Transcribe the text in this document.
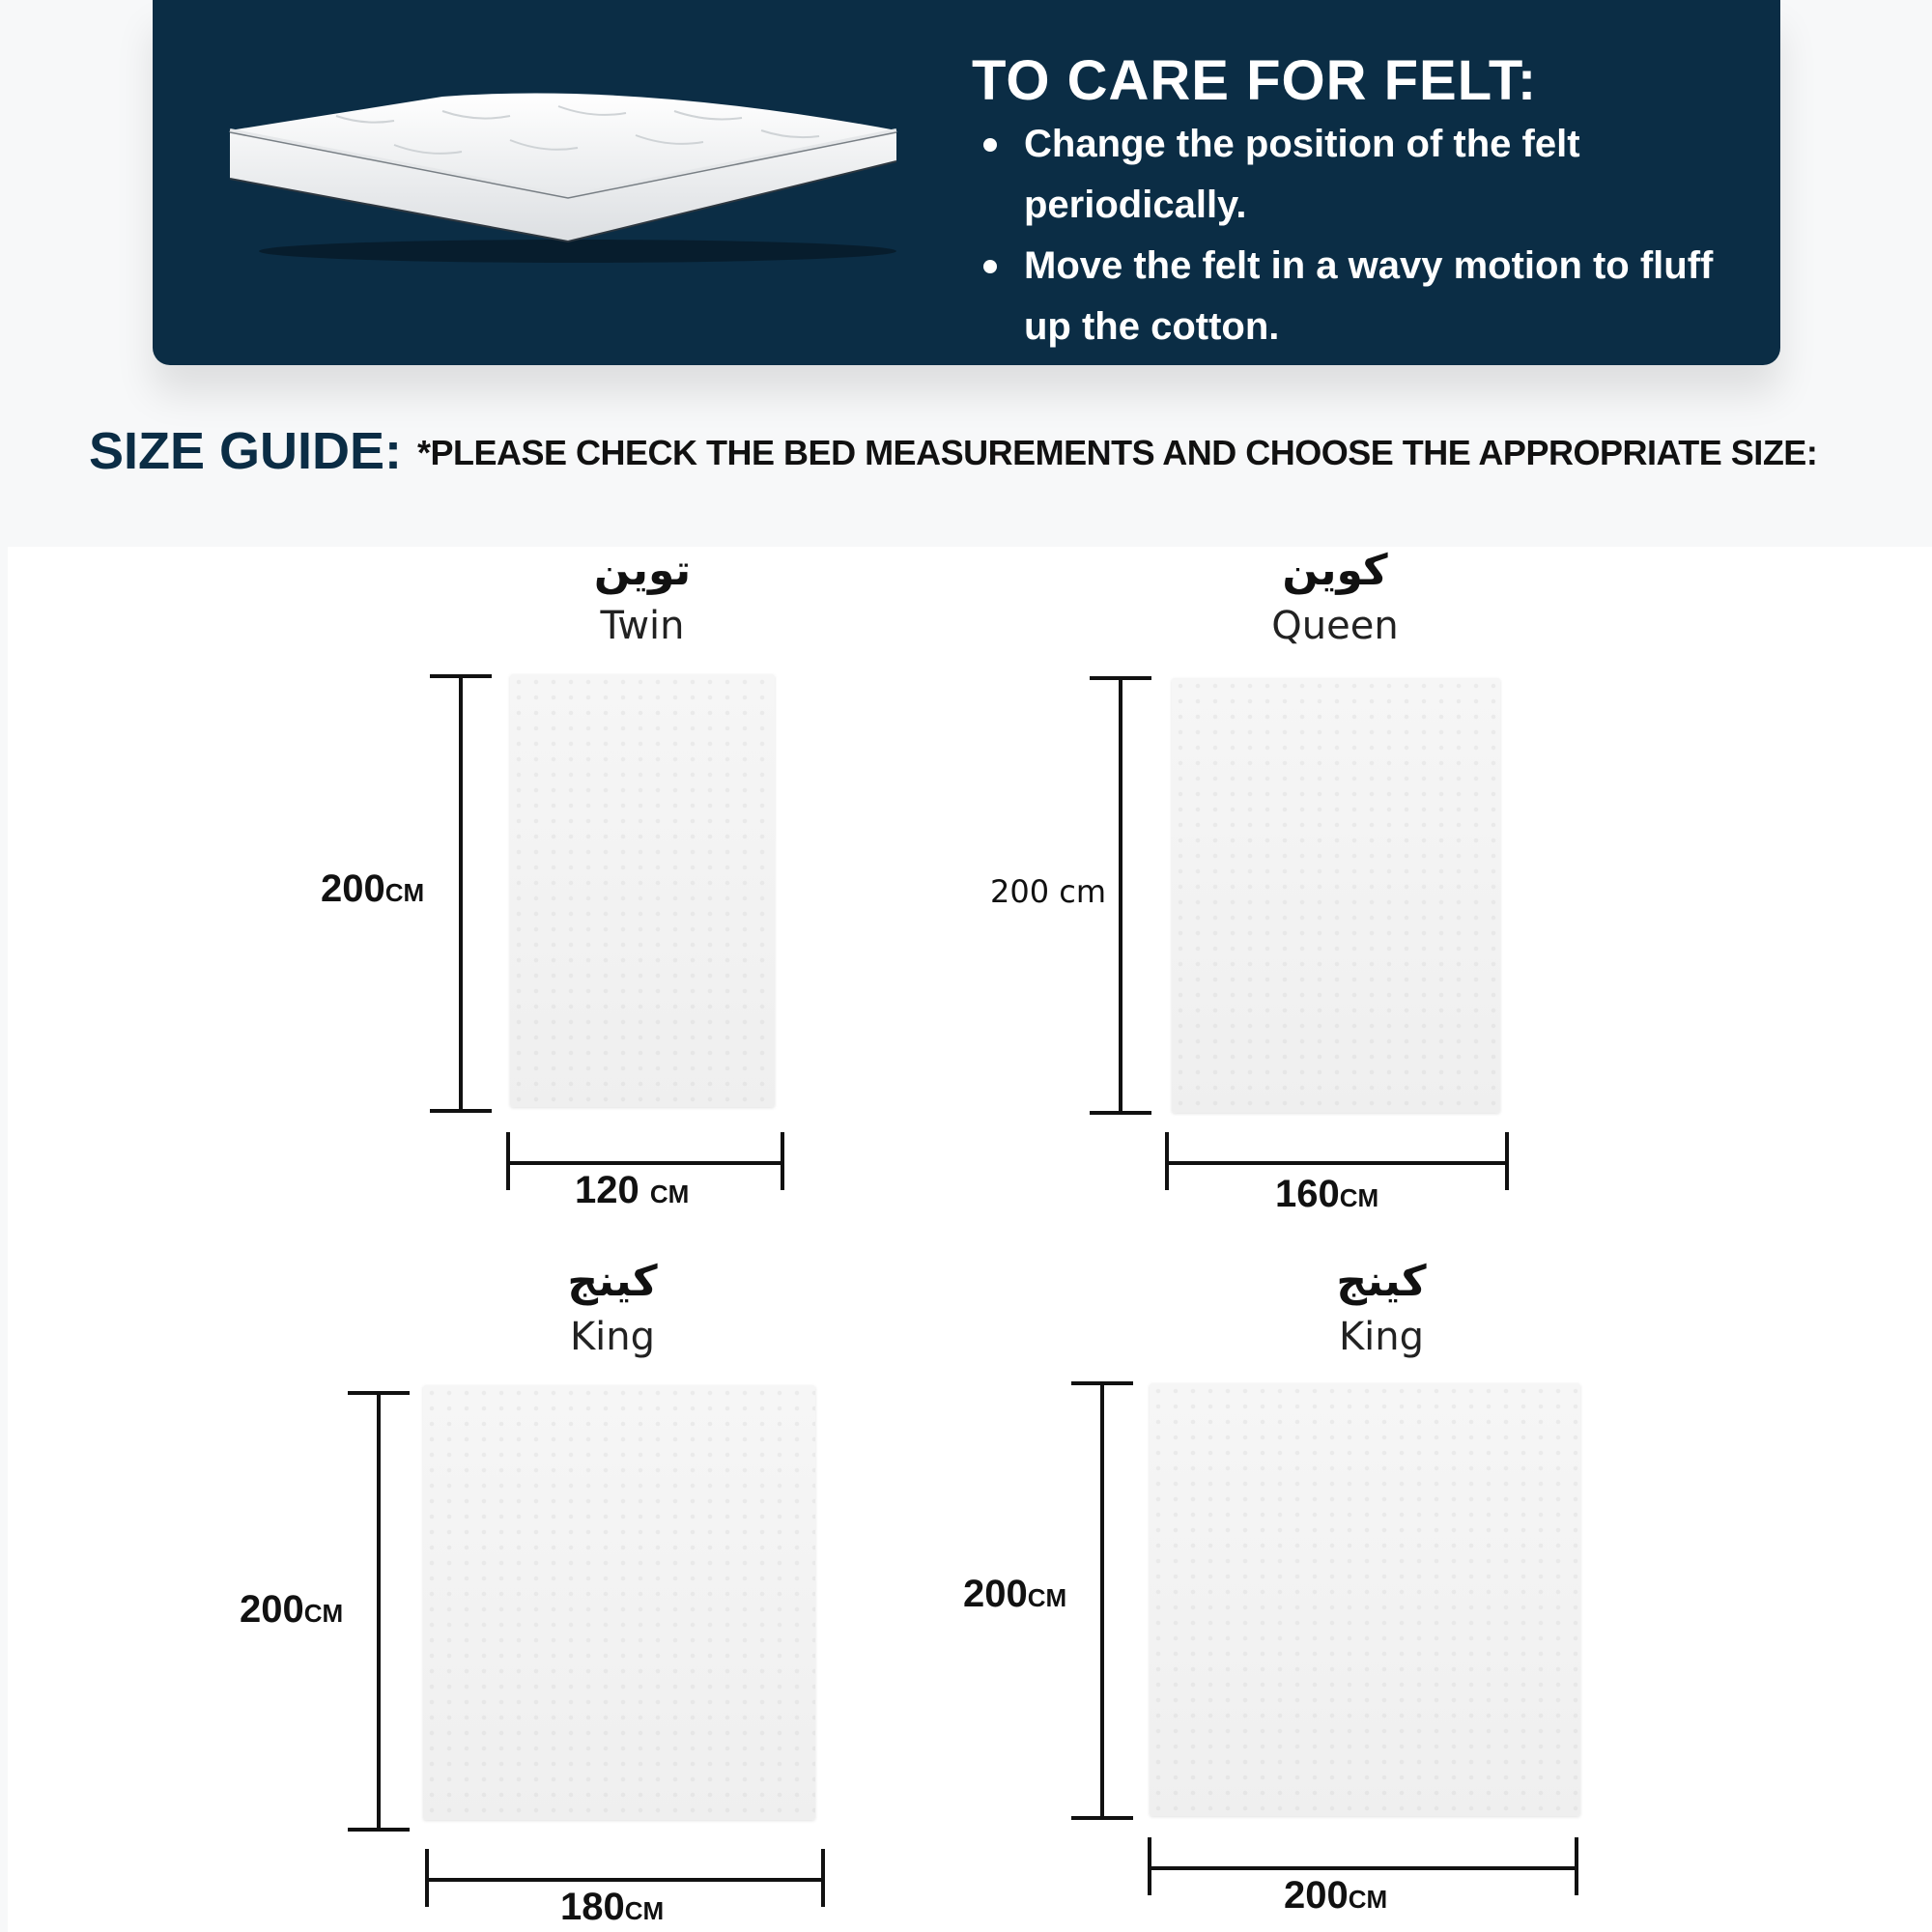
TO CARE FOR FELT:
Change the position of the felt periodically.
Move the felt in a wavy motion to fluff up the cotton.
SIZE GUIDE: *PLEASE CHECK THE BED MEASUREMENTS AND CHOOSE THE APPROPRIATE SIZE:

توين
Twin
200CM
120 CM
كوين
Queen
200 cm
160CM
كينج
King
200CM
180CM
كينج
King
200CM
200CM
